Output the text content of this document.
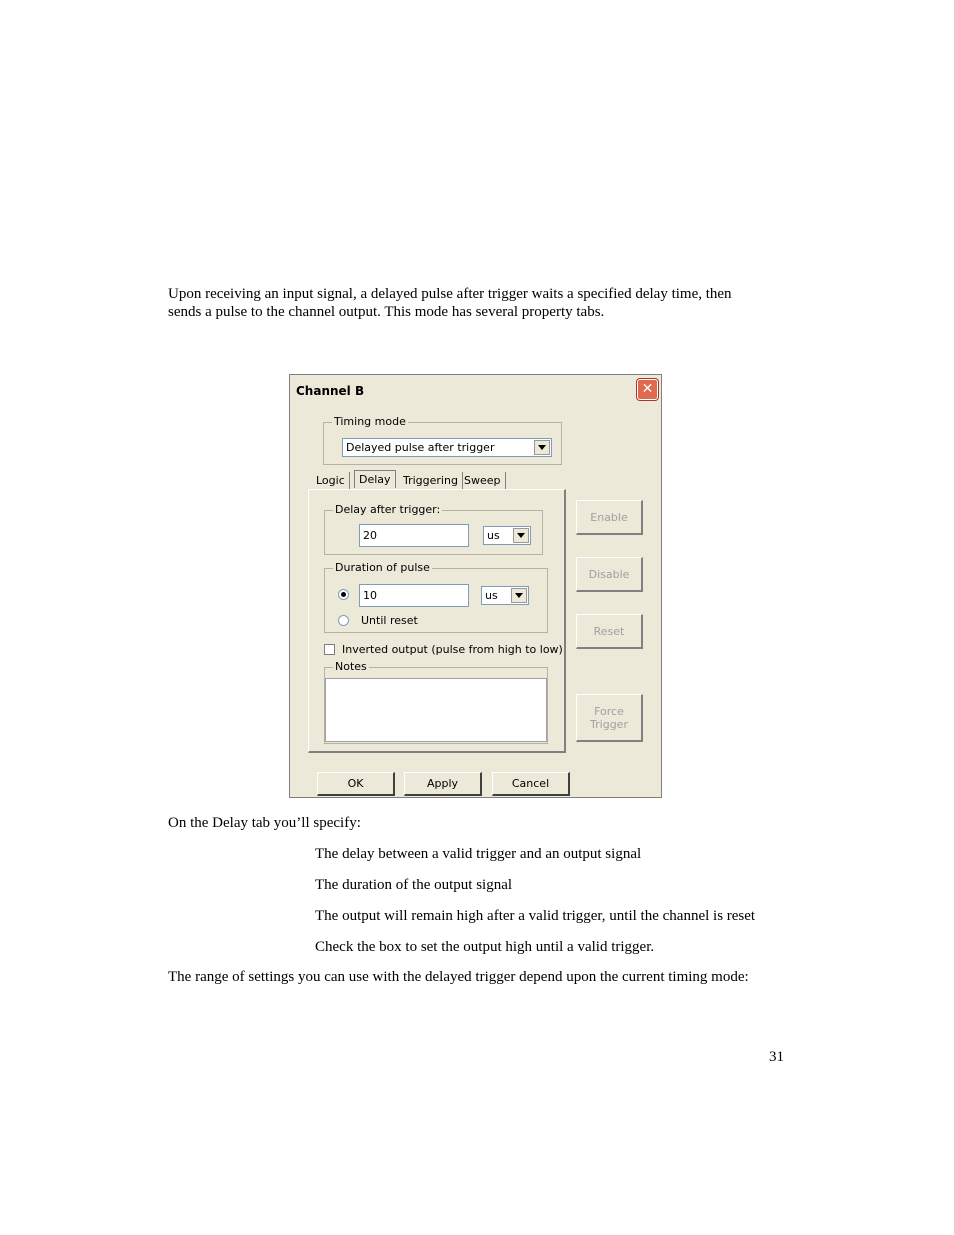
Upon receiving an input signal, a delayed pulse after trigger waits a specified delay time, then
sends a pulse to the channel output. This mode has several property tabs.
Channel B	✕
Timing mode
Delayed pulse after trigger
Logic	Delay	Triggering Sweep
Delay after trigger:
20	us
Duration of pulse
10	us
Until reset
Inverted output (pulse from high to low)
Notes
Enable
Disable
Reset
Force
Trigger
OK	Apply	Cancel
On the Delay tab you’ll specify:
The delay between a valid trigger and an output signal
The duration of the output signal
The output will remain high after a valid trigger, until the channel is reset
Check the box to set the output high until a valid trigger.
The range of settings you can use with the delayed trigger depend upon the current timing mode:
31
